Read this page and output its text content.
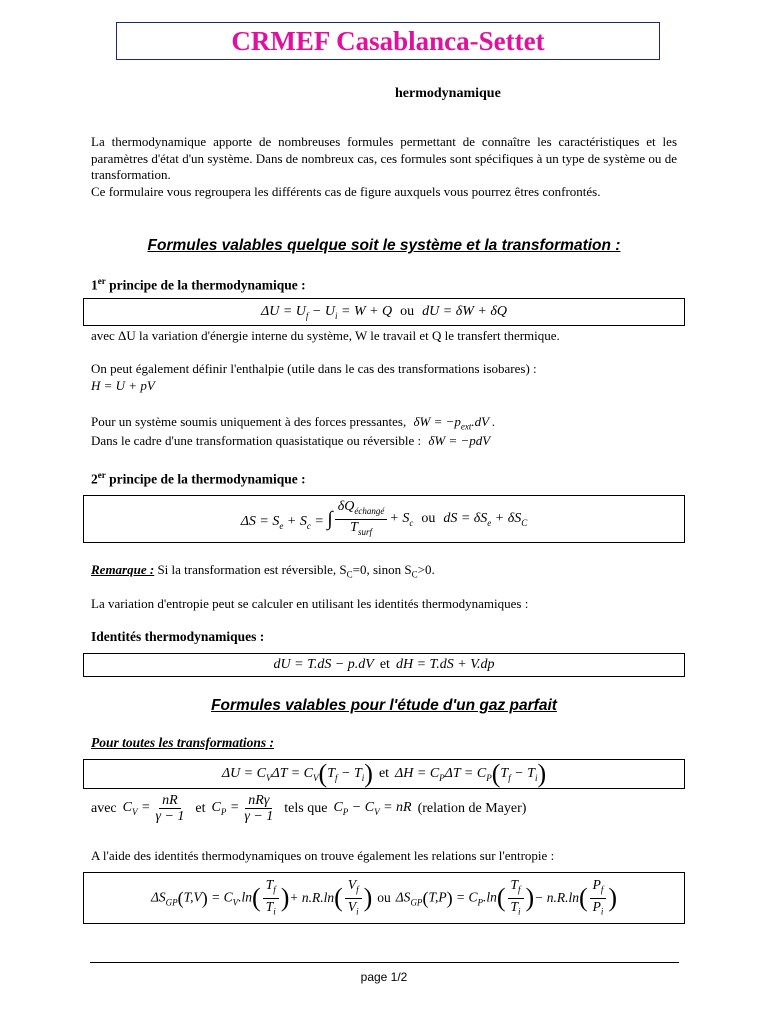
CRMEF Casablanca-Settet
hermodynamique
La thermodynamique apporte de nombreuses formules permettant de connaître les caractéristiques et les paramètres d'état d'un système. Dans de nombreux cas, ces formules sont spécifiques à un type de système ou de transformation.
Ce formulaire vous regroupera les différents cas de figure auxquels vous pourrez êtres confrontés.
Formules valables quelque soit le système et la transformation :
1er principe de la thermodynamique :
$\Delta U = U_f - U_i = W + Q$ ou dU = δW + δQ
avec ΔU la variation d'énergie interne du système, W le travail et Q le transfert thermique.
On peut également définir l'enthalpie (utile dans le cas des transformations isobares) :
H = U + pV
Pour un système soumis uniquement à des forces pressantes, $\delta W = -p_{ext}.dV$ .
Dans le cadre d'une transformation quasistatique ou réversible : δW = −pdV
2er principe de la thermodynamique :
$\Delta S = S_e + S_c$ = ∫ $\frac{\delta Q_{échangé}}{T_{surf}} + S_c$ ou dS = $\delta S_e + \delta S_C$
Remarque : Si la transformation est réversible, $S_C=0$, sinon $S_C>0$.
La variation d'entropie peut se calculer en utilisant les identités thermodynamiques :
Identités thermodynamiques :
dU = T.dS − p.dV et dH = T.dS + V.dp
Formules valables pour l'étude d'un gaz parfait
Pour toutes les transformations :
$\Delta U = C_V\Delta T = C_V(T_f - T_i)$ et $\Delta H = C_P\Delta T = C_P(T_f - T_i)$
avec $C_V = \frac{nR}{\gamma - 1}$ et $C_P = \frac{\text{nRγ}}{\gamma - 1}$ tels que $C_P - C_V$ = nR (relation de Mayer)
A l'aide des identités thermodynamiques on trouve également les relations sur l'entropie :
$\Delta S_{GP}(T,V) = C_V.\ln$ ( $\frac{T_f}{T_i}$ ) + n.R.ln ( $\frac{V_f}{V_i}$ ) ou $\Delta S_{GP}(T,P) = C_P.\ln$ ( $\frac{T_f}{T_i}$ ) − n.R.ln ( $\frac{P_f}{P_i}$ )
page 1/2
